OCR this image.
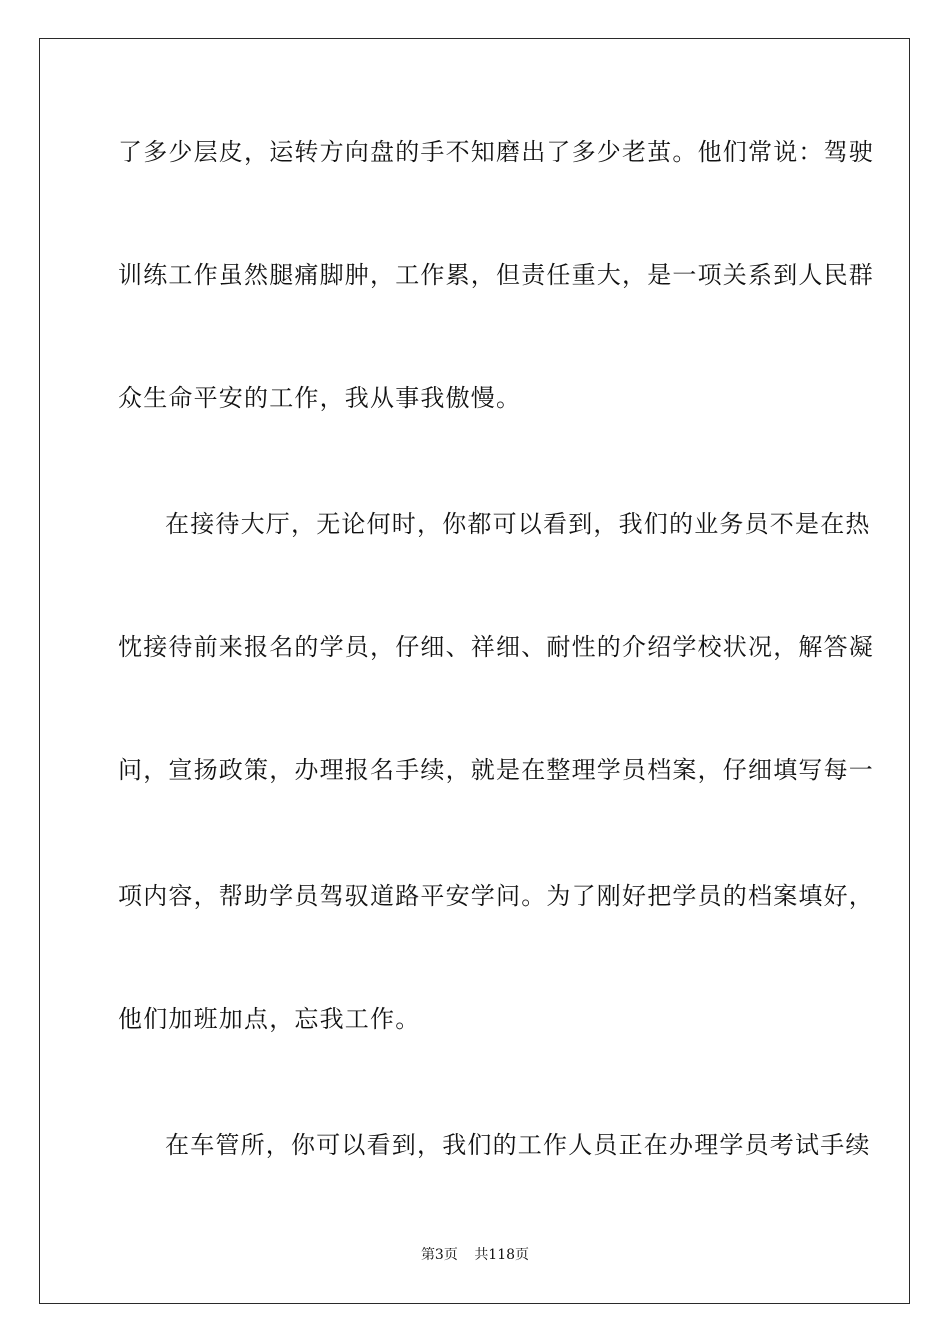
了多少层皮，运转方向盘的手不知磨出了多少老茧。他们常说：驾驶
训练工作虽然腿痛脚肿，工作累，但责任重大，是一项关系到人民群
众生命平安的工作，我从事我傲慢。
在接待大厅，无论何时，你都可以看到，我们的业务员不是在热
忱接待前来报名的学员，仔细、祥细、耐性的介绍学校状况，解答凝
问，宣扬政策，办理报名手续，就是在整理学员档案，仔细填写每一
项内容，帮助学员驾驭道路平安学问。为了刚好把学员的档案填好，
他们加班加点，忘我工作。
在车管所，你可以看到，我们的工作人员正在办理学员考试手续
第3页 共118页
